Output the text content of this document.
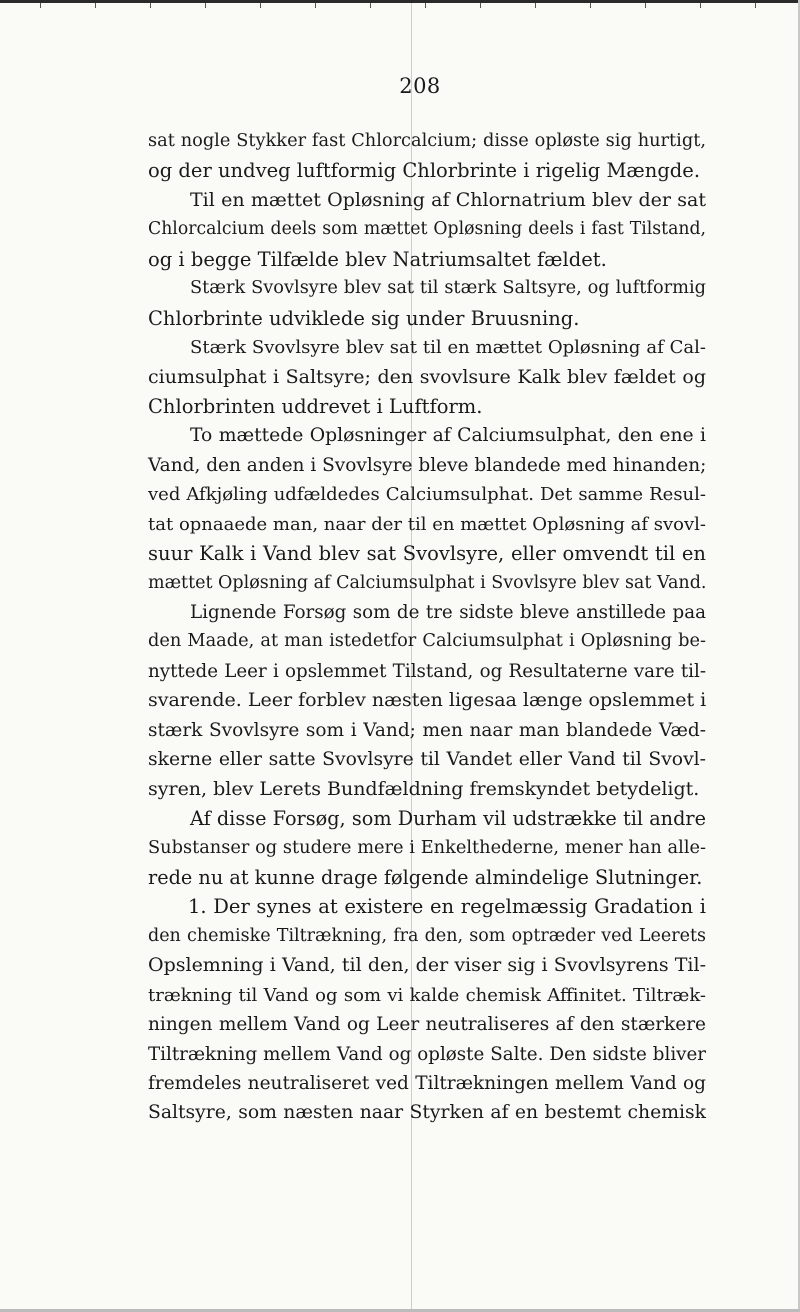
208
sat nogle Stykker fast Chlorcalcium; disse opløste sig hurtigt,
og der undveg luftformig Chlorbrinte i rigelig Mængde.
Til en mættet Opløsning af Chlornatrium blev der sat
Chlorcalcium deels som mættet Opløsning deels i fast Tilstand,
og i begge Tilfælde blev Natriumsaltet fældet.
Stærk Svovlsyre blev sat til stærk Saltsyre, og luftformig
Chlorbrinte udviklede sig under Bruusning.
Stærk Svovlsyre blev sat til en mættet Opløsning af Cal-
ciumsulphat i Saltsyre; den svovlsure Kalk blev fældet og
Chlorbrinten uddrevet i Luftform.
To mættede Opløsninger af Calciumsulphat, den ene i
Vand, den anden i Svovlsyre bleve blandede med hinanden;
ved Afkjøling udfældedes Calciumsulphat. Det samme Resul-
tat opnaaede man, naar der til en mættet Opløsning af svovl-
suur Kalk i Vand blev sat Svovlsyre, eller omvendt til en
mættet Opløsning af Calciumsulphat i Svovlsyre blev sat Vand.
Lignende Forsøg som de tre sidste bleve anstillede paa
den Maade, at man istedetfor Calciumsulphat i Opløsning be-
nyttede Leer i opslemmet Tilstand, og Resultaterne vare til-
svarende. Leer forblev næsten ligesaa længe opslemmet i
stærk Svovlsyre som i Vand; men naar man blandede Væd-
skerne eller satte Svovlsyre til Vandet eller Vand til Svovl-
syren, blev Lerets Bundfældning fremskyndet betydeligt.
Af disse Forsøg, som Durham vil udstrække til andre
Substanser og studere mere i Enkelthederne, mener han alle-
rede nu at kunne drage følgende almindelige Slutninger.
1. Der synes at existere en regelmæssig Gradation i
den chemiske Tiltrækning, fra den, som optræder ved Leerets
Opslemning i Vand, til den, der viser sig i Svovlsyrens Til-
trækning til Vand og som vi kalde chemisk Affinitet. Tiltræk-
ningen mellem Vand og Leer neutraliseres af den stærkere
Tiltrækning mellem Vand og opløste Salte. Den sidste bliver
fremdeles neutraliseret ved Tiltrækningen mellem Vand og
Saltsyre, som næsten naar Styrken af en bestemt chemisk
